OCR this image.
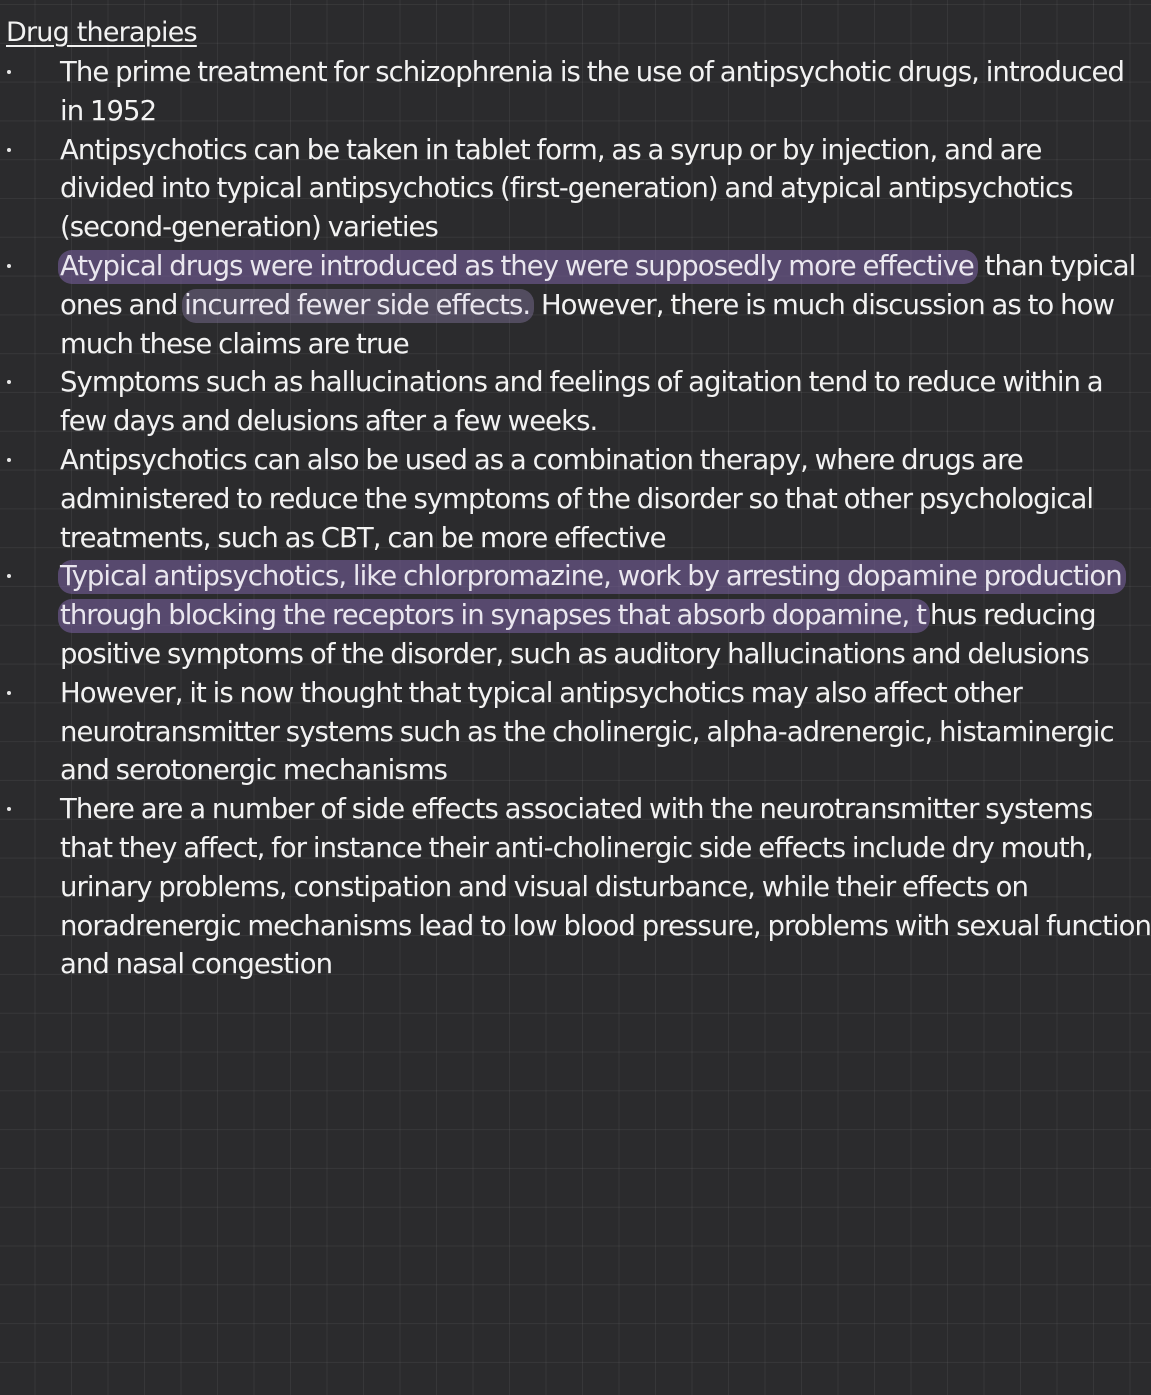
Drug therapies
The prime treatment for schizophrenia is the use of antipsychotic drugs, introduced
in 1952
Antipsychotics can be taken in tablet form, as a syrup or by injection, and are
divided into typical antipsychotics (first-generation) and atypical antipsychotics
(second-generation) varieties
Atypical drugs were introduced as they were supposedly more effective than typical
ones and incurred fewer side effects. However, there is much discussion as to how
much these claims are true
Symptoms such as hallucinations and feelings of agitation tend to reduce within a
few days and delusions after a few weeks.
Antipsychotics can also be used as a combination therapy, where drugs are
administered to reduce the symptoms of the disorder so that other psychological
treatments, such as CBT, can be more effective
Typical antipsychotics, like chlorpromazine, work by arresting dopamine production
through blocking the receptors in synapses that absorb dopamine, t hus reducing
positive symptoms of the disorder, such as auditory hallucinations and delusions
However, it is now thought that typical antipsychotics may also affect other
neurotransmitter systems such as the cholinergic, alpha-adrenergic, histaminergic
and serotonergic mechanisms
There are a number of side effects associated with the neurotransmitter systems
that they affect, for instance their anti-cholinergic side effects include dry mouth,
urinary problems, constipation and visual disturbance, while their effects on
noradrenergic mechanisms lead to low blood pressure, problems with sexual function
and nasal congestion
